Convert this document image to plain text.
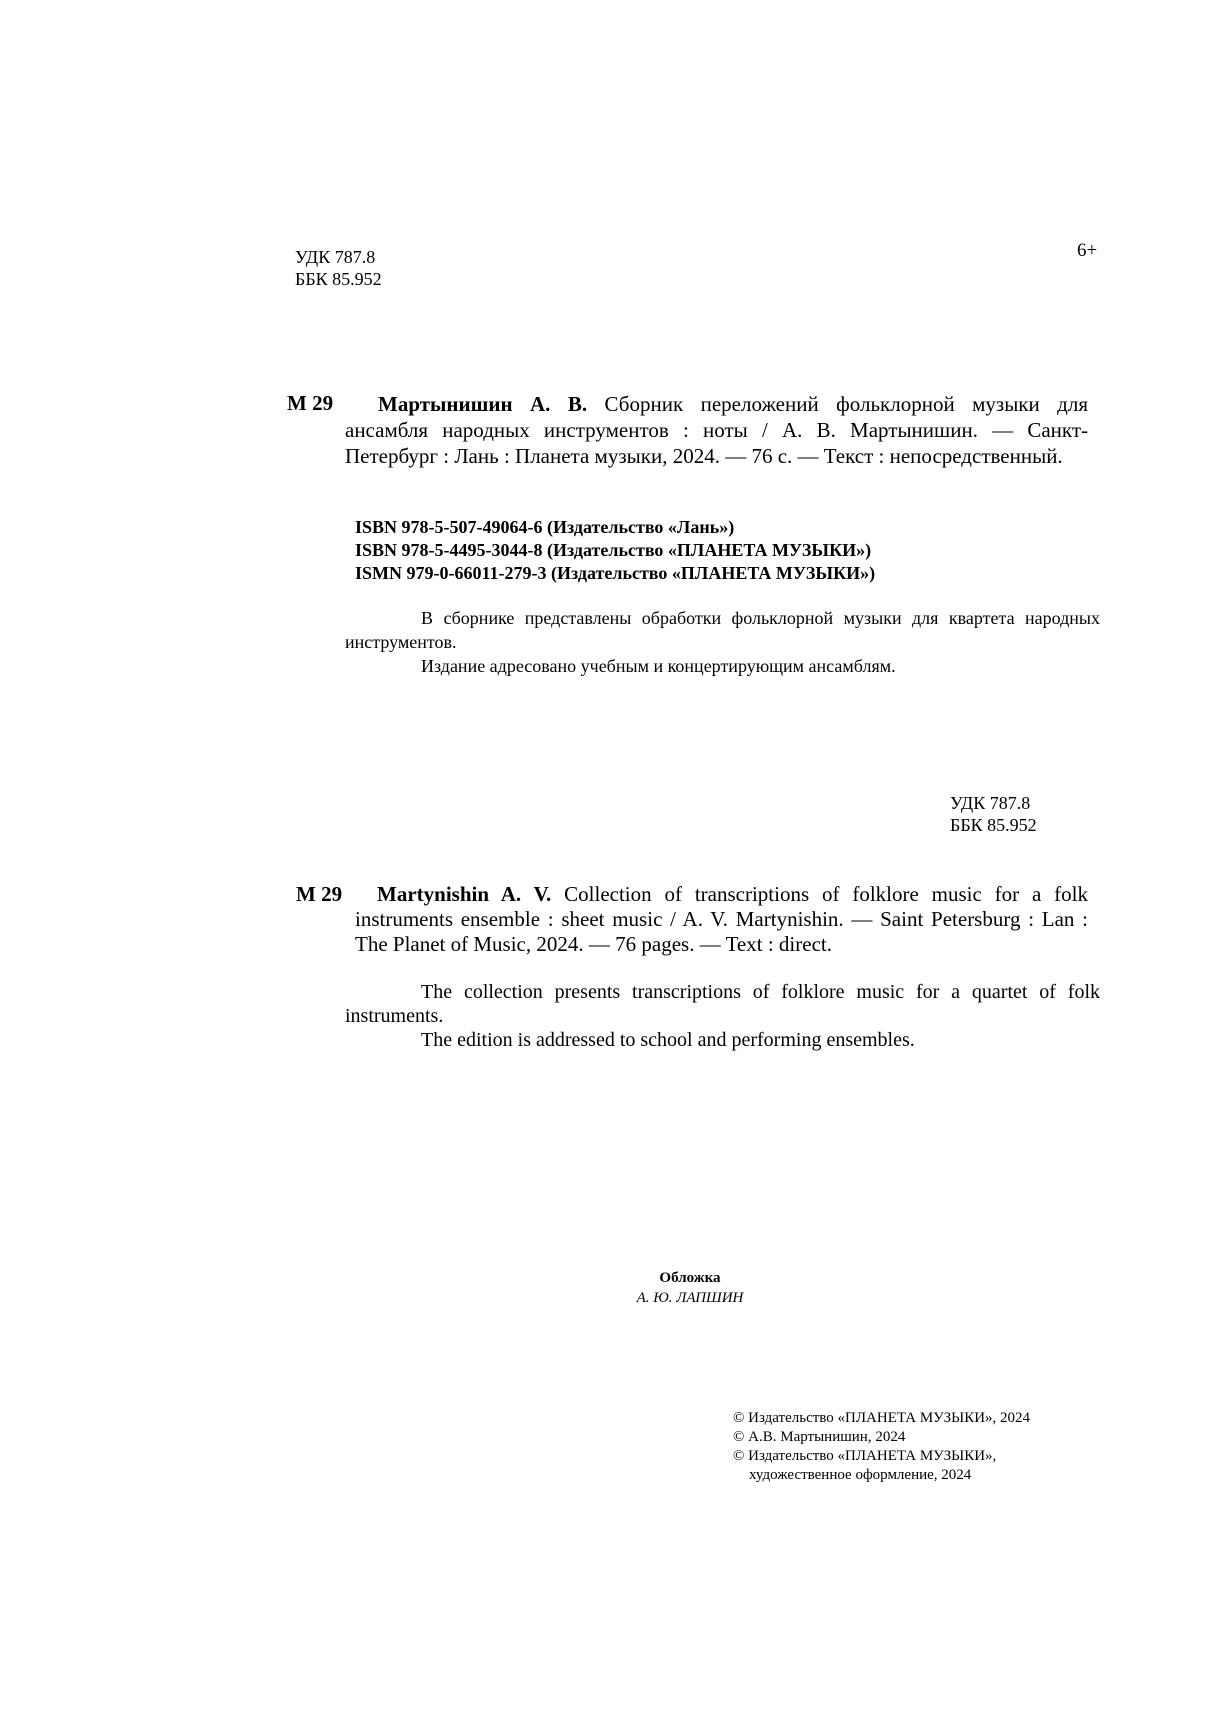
УДК 787.8
ББК 85.952
6+
М 29	Мартынишин А. В. Сборник переложений фольклорной музыки для ансамбля народных инструментов : ноты / А. В. Мартынишин. — Санкт-Петербург : Лань : Планета музыки, 2024. — 76 с. — Текст : непосредственный.
ISBN 978-5-507-49064-6 (Издательство «Лань»)
ISBN 978-5-4495-3044-8 (Издательство «ПЛАНЕТА МУЗЫКИ»)
ISMN 979-0-66011-279-3 (Издательство «ПЛАНЕТА МУЗЫКИ»)

В сборнике представлены обработки фольклорной музыки для квартета народных инструментов.

Издание адресовано учебным и концертирующим ансамблям.

УДК 787.8
ББК 85.952
M 29	Martynishin A. V. Collection of transcriptions of folklore music for a folk instruments ensemble : sheet music / A. V. Martynishin. — Saint Petersburg : Lan : The Planet of Music, 2024. — 76 pages. — Text : direct.

The collection presents transcriptions of folklore music for a quartet of folk instruments.

The edition is addressed to school and performing ensembles.

Обложка
А. Ю. ЛАПШИН
© Издательство «ПЛАНЕТА МУЗЫКИ», 2024
© А.В. Мартынишин, 2024
© Издательство «ПЛАНЕТА МУЗЫКИ»,
художественное оформление, 2024
